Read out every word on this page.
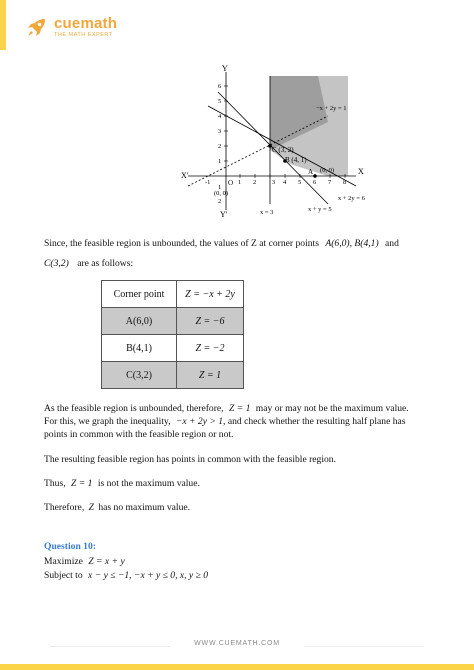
cuemath
THE MATH EXPERT
Y
Y'
X
X'
O
(0, 0)
6
5
4
3
2
1
1
2
-1	1 2 3 4 5 6 7 8
−x + 2y = 1
x + 2y = 6
x + y = 5
x = 3
C (3, 2)
B (4, 1)
A (6, 0)
Since, the feasible region is unbounded, the values of Z at corner points A(6,0), B(4,1) and
C(3,2) are as follows:
Corner point	Z = −x + 2y
A(6,0)	Z = −6
B(4,1)	Z = −2
C(3,2)	Z = 1
As the feasible region is unbounded, therefore, Z = 1 may or may not be the maximum value.
For this, we graph the inequality, −x + 2y > 1, and check whether the resulting half plane has
points in common with the feasible region or not.
The resulting feasible region has points in common with the feasible region.
Thus, Z = 1 is not the maximum value.
Therefore, Z has no maximum value.
Question 10:
Maximize Z = x + y
Subject to x − y ≤ −1, −x + y ≤ 0, x, y ≥ 0
WWW.CUEMATH.COM
